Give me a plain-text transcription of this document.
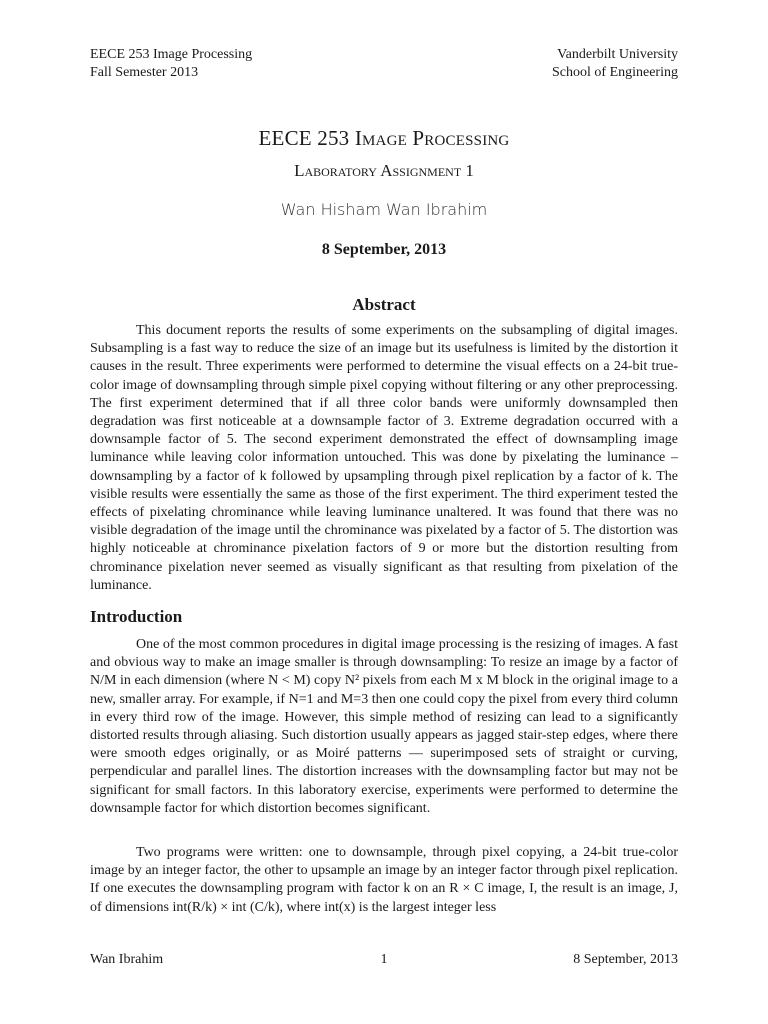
EECE 253 Image Processing
Fall Semester 2013
Vanderbilt University
School of Engineering
EECE 253 Image Processing
Laboratory Assignment 1
Wan Hisham Wan Ibrahim
8 September, 2013
Abstract

This document reports the results of some experiments on the subsampling of digital images. Subsampling is a fast way to reduce the size of an image but its usefulness is limited by the distortion it causes in the result. Three experiments were performed to determine the visual effects on a 24-bit true-color image of downsampling through simple pixel copying without filtering or any other preprocessing. The first experiment determined that if all three color bands were uniformly downsampled then degradation was first noticeable at a downsample factor of 3. Extreme degradation occurred with a downsample factor of 5. The second experiment demonstrated the effect of downsampling image luminance while leaving color information untouched. This was done by pixelating the luminance – downsampling by a factor of k followed by upsampling through pixel replication by a factor of k. The visible results were essentially the same as those of the first experiment. The third experiment tested the effects of pixelating chrominance while leaving luminance unaltered. It was found that there was no visible degradation of the image until the chrominance was pixelated by a factor of 5. The distortion was highly noticeable at chrominance pixelation factors of 9 or more but the distortion resulting from chrominance pixelation never seemed as visually significant as that resulting from pixelation of the luminance.

Introduction

One of the most common procedures in digital image processing is the resizing of images. A fast and obvious way to make an image smaller is through downsampling: To resize an image by a factor of N/M in each dimension (where N < M) copy N² pixels from each M x M block in the original image to a new, smaller array. For example, if N=1 and M=3 then one could copy the pixel from every third column in every third row of the image. However, this simple method of resizing can lead to a significantly distorted results through aliasing. Such distortion usually appears as jagged stair-step edges, where there were smooth edges originally, or as Moiré patterns — superimposed sets of straight or curving, perpendicular and parallel lines. The distortion increases with the downsampling factor but may not be significant for small factors. In this laboratory exercise, experiments were performed to determine the downsample factor for which distortion becomes significant.

Two programs were written: one to downsample, through pixel copying, a 24-bit true-color image by an integer factor, the other to upsample an image by an integer factor through pixel replication. If one executes the downsampling program with factor k on an R × C image, I, the result is an image, J, of dimensions int(R/k) × int (C/k), where int(x) is the largest integer less

Wan Ibrahim	1	8 September, 2013
